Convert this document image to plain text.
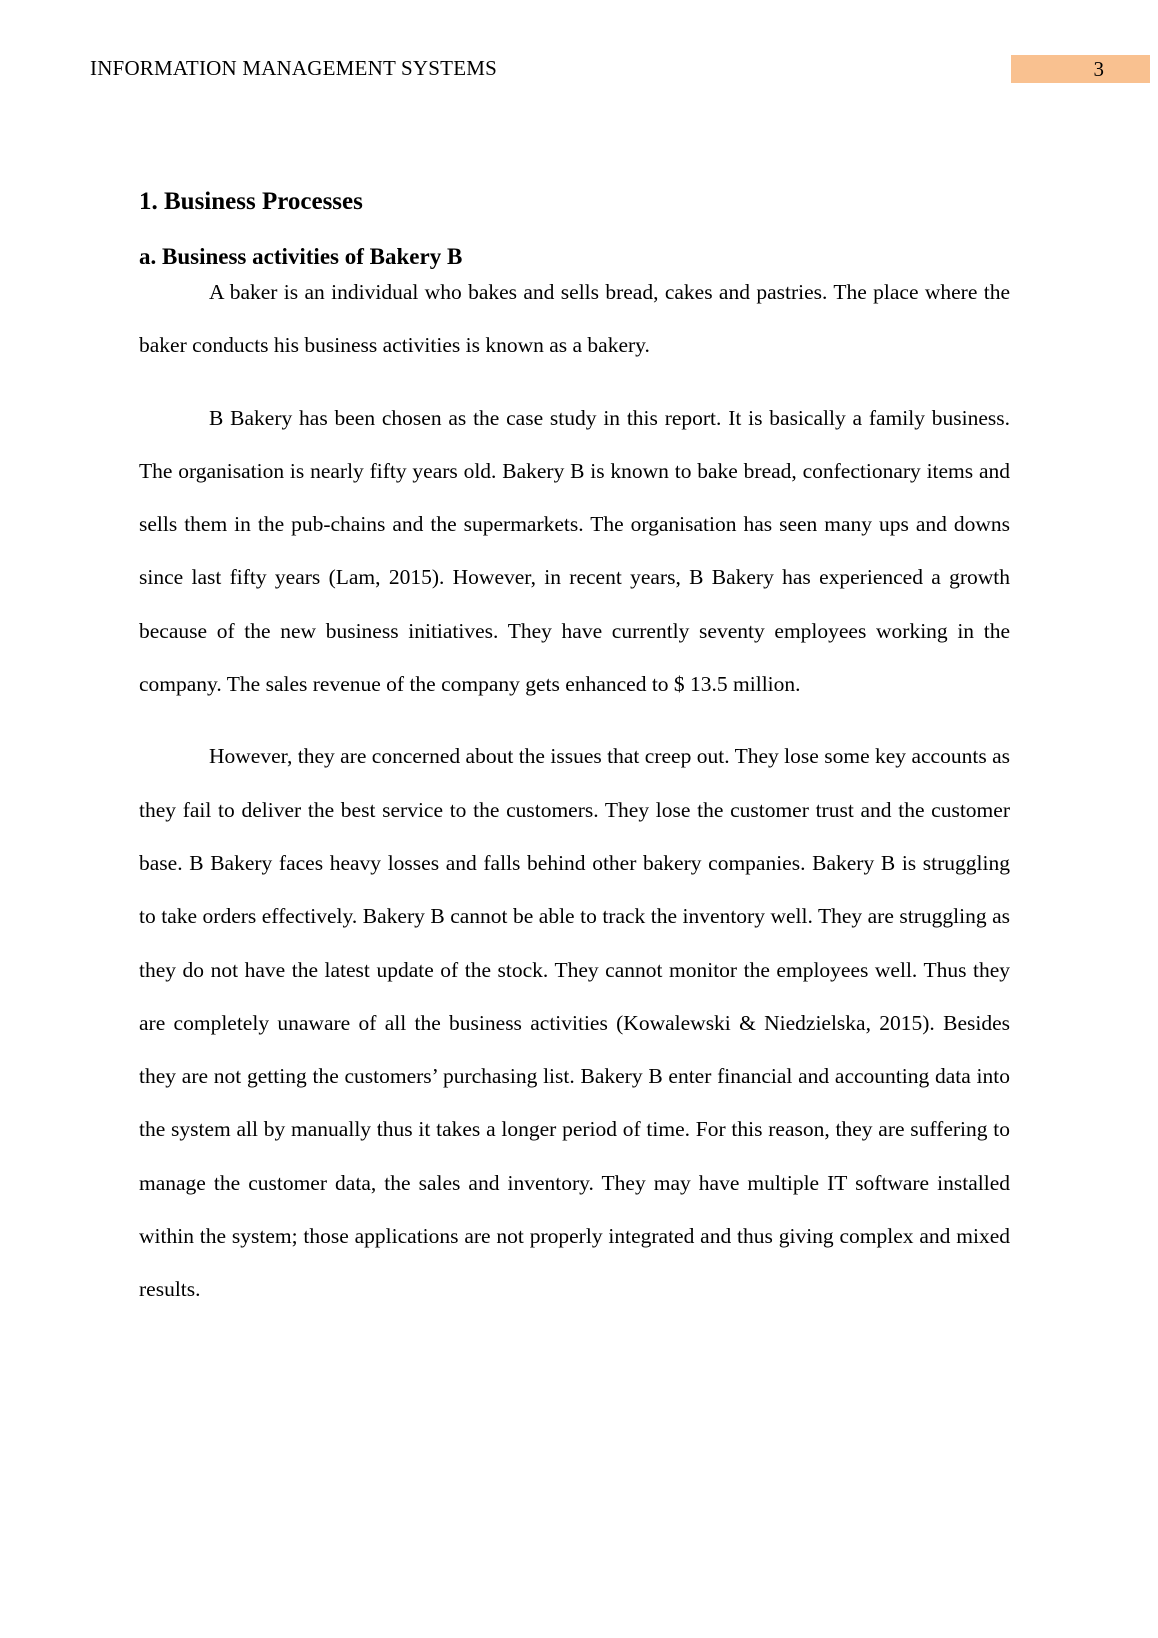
INFORMATION MANAGEMENT SYSTEMS	3
1. Business Processes
a. Business activities of Bakery B

A baker is an individual who bakes and sells bread, cakes and pastries. The place where the baker conducts his business activities is known as a bakery.

B Bakery has been chosen as the case study in this report. It is basically a family business. The organisation is nearly fifty years old. Bakery B is known to bake bread, confectionary items and sells them in the pub-chains and the supermarkets. The organisation has seen many ups and downs since last fifty years (Lam, 2015). However, in recent years, B Bakery has experienced a growth because of the new business initiatives. They have currently seventy employees working in the company. The sales revenue of the company gets enhanced to $ 13.5 million.

However, they are concerned about the issues that creep out. They lose some key accounts as they fail to deliver the best service to the customers. They lose the customer trust and the customer base. B Bakery faces heavy losses and falls behind other bakery companies. Bakery B is struggling to take orders effectively. Bakery B cannot be able to track the inventory well. They are struggling as they do not have the latest update of the stock. They cannot monitor the employees well. Thus they are completely unaware of all the business activities (Kowalewski & Niedzielska, 2015). Besides they are not getting the customers’ purchasing list. Bakery B enter financial and accounting data into the system all by manually thus it takes a longer period of time. For this reason, they are suffering to manage the customer data, the sales and inventory. They may have multiple IT software installed within the system; those applications are not properly integrated and thus giving complex and mixed results.
